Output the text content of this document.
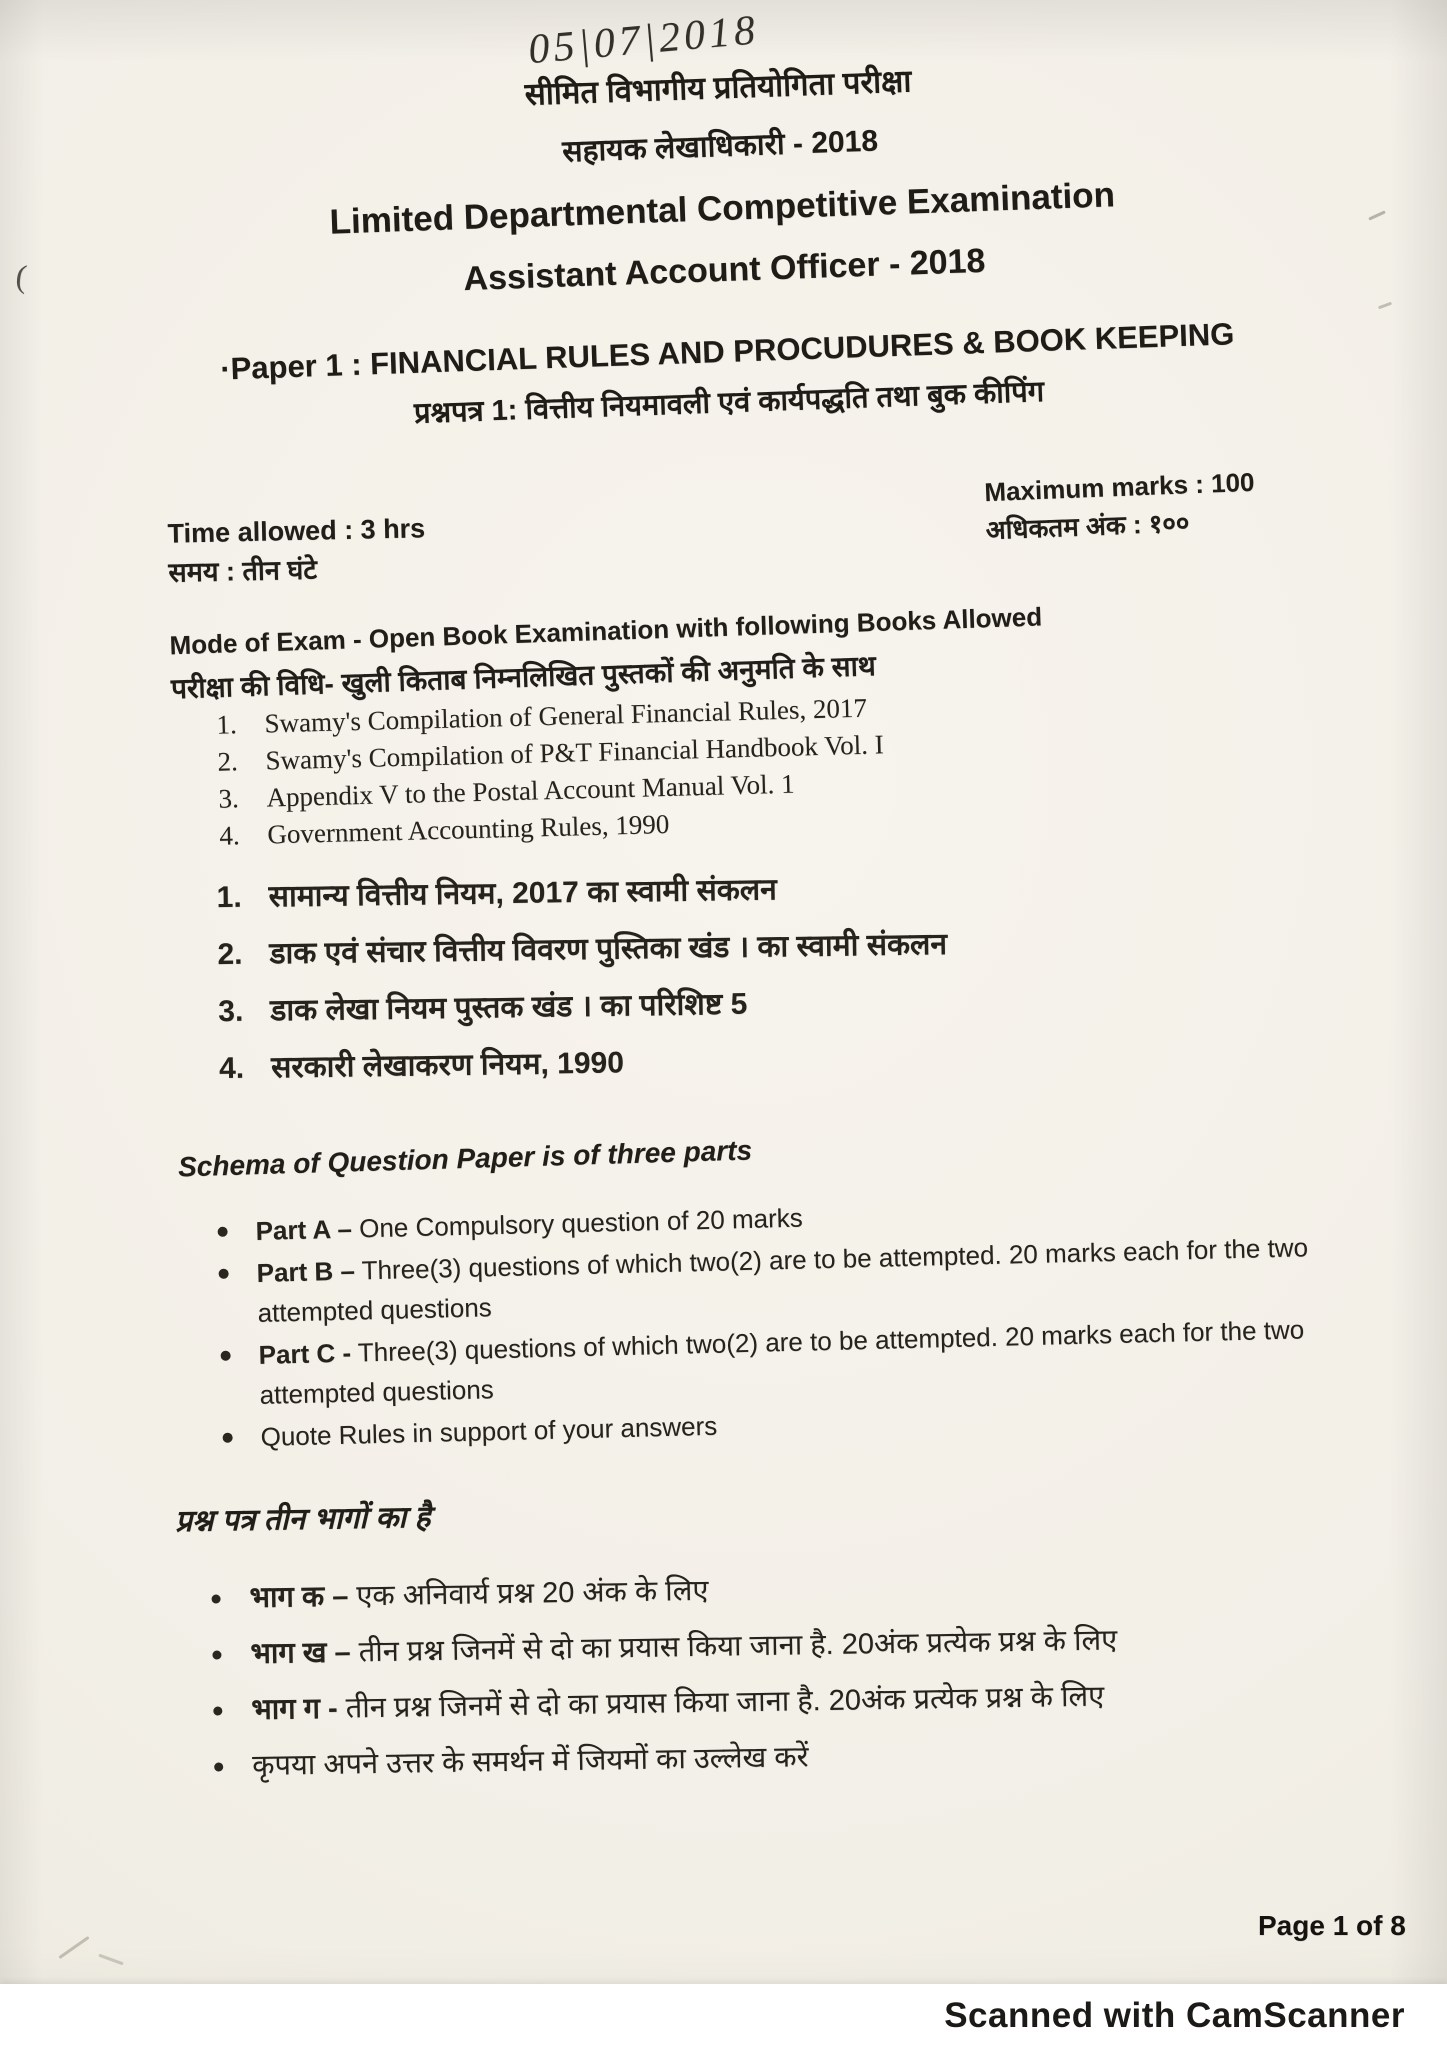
05|07|2018
(
सीमित विभागीय प्रतियोगिता परीक्षा
सहायक लेखाधिकारी - 2018
Limited Departmental Competitive Examination
Assistant Account Officer - 2018
·Paper 1 : FINANCIAL RULES AND PROCUDURES & BOOK KEEPING
प्रश्नपत्र 1: वित्तीय नियमावली एवं कार्यपद्धति तथा बुक कीपिंग
Maximum marks : 100
अधिकतम अंक : १००
Time allowed : 3 hrs
समय : तीन घंटे
Mode of Exam - Open Book Examination with following Books Allowed
परीक्षा की विधि- खुली किताब निम्नलिखित पुस्तकों की अनुमति के साथ
1. Swamy's Compilation of General Financial Rules, 2017
2. Swamy's Compilation of P&T Financial Handbook Vol. I
3. Appendix V to the Postal Account Manual Vol. 1
4. Government Accounting Rules, 1990
1. सामान्य वित्तीय नियम, 2017 का स्वामी संकलन
2. डाक एवं संचार वित्तीय विवरण पुस्तिका खंड । का स्वामी संकलन
3. डाक लेखा नियम पुस्तक खंड । का परिशिष्ट 5
4. सरकारी लेखाकरण नियम, 1990
Schema of Question Paper is of three parts
Part A – One Compulsory question of 20 marks
Part B – Three(3) questions of which two(2) are to be attempted. 20 marks each for the two attempted questions
Part C - Three(3) questions of which two(2) are to be attempted. 20 marks each for the two attempted questions
Quote Rules in support of your answers
प्रश्न पत्र तीन भागों का है
भाग क – एक अनिवार्य प्रश्न 20 अंक के लिए
भाग ख – तीन प्रश्न जिनमें से दो का प्रयास किया जाना है. 20अंक प्रत्येक प्रश्न के लिए
भाग ग - तीन प्रश्न जिनमें से दो का प्रयास किया जाना है. 20अंक प्रत्येक प्रश्न के लिए
कृपया अपने उत्तर के समर्थन में जियमों का उल्लेख करें
Page 1 of 8
Scanned with CamScanner
